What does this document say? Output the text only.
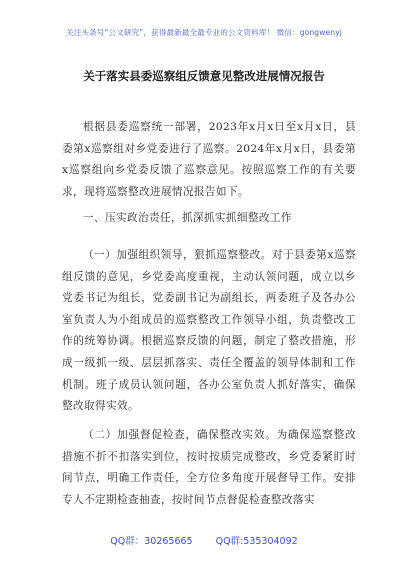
关注头条号“公文研究”，获得最新最全最专业的公文资料库！ 微信：gongwenyj
关于落实县委巡察组反馈意见整改进展情况报告
根据县委巡察统一部署，2023年x月x日至x月x日，县委第x巡察组对乡党委进行了巡察。2024年x月x日，县委第x巡察组向乡党委反馈了巡察意见。按照巡察工作的有关要求，现将巡察整改进展情况报告如下。
一、压实政治责任，抓深抓实抓细整改工作
（一）加强组织领导，狠抓巡察整改。对于县委第x巡察组反馈的意见，乡党委高度重视，主动认领问题，成立以乡党委书记为组长，党委副书记为副组长，两委班子及各办公室负责人为小组成员的巡察整改工作领导小组，负责整改工作的统筹协调。根据巡察反馈的问题，制定了整改措施，形成一级抓一级、层层抓落实、责任全覆盖的领导体制和工作机制。班子成员认领问题，各办公室负责人抓好落实，确保整改取得实效。
（二）加强督促检查，确保整改实效。为确保巡察整改措施不折不扣落实到位，按时按质完成整改，乡党委紧盯时间节点，明确工作责任，全方位多角度开展督导工作。安排专人不定期检查抽查，按时间节点督促检查整改落实
QQ群：30265665 QQ群:535304092
